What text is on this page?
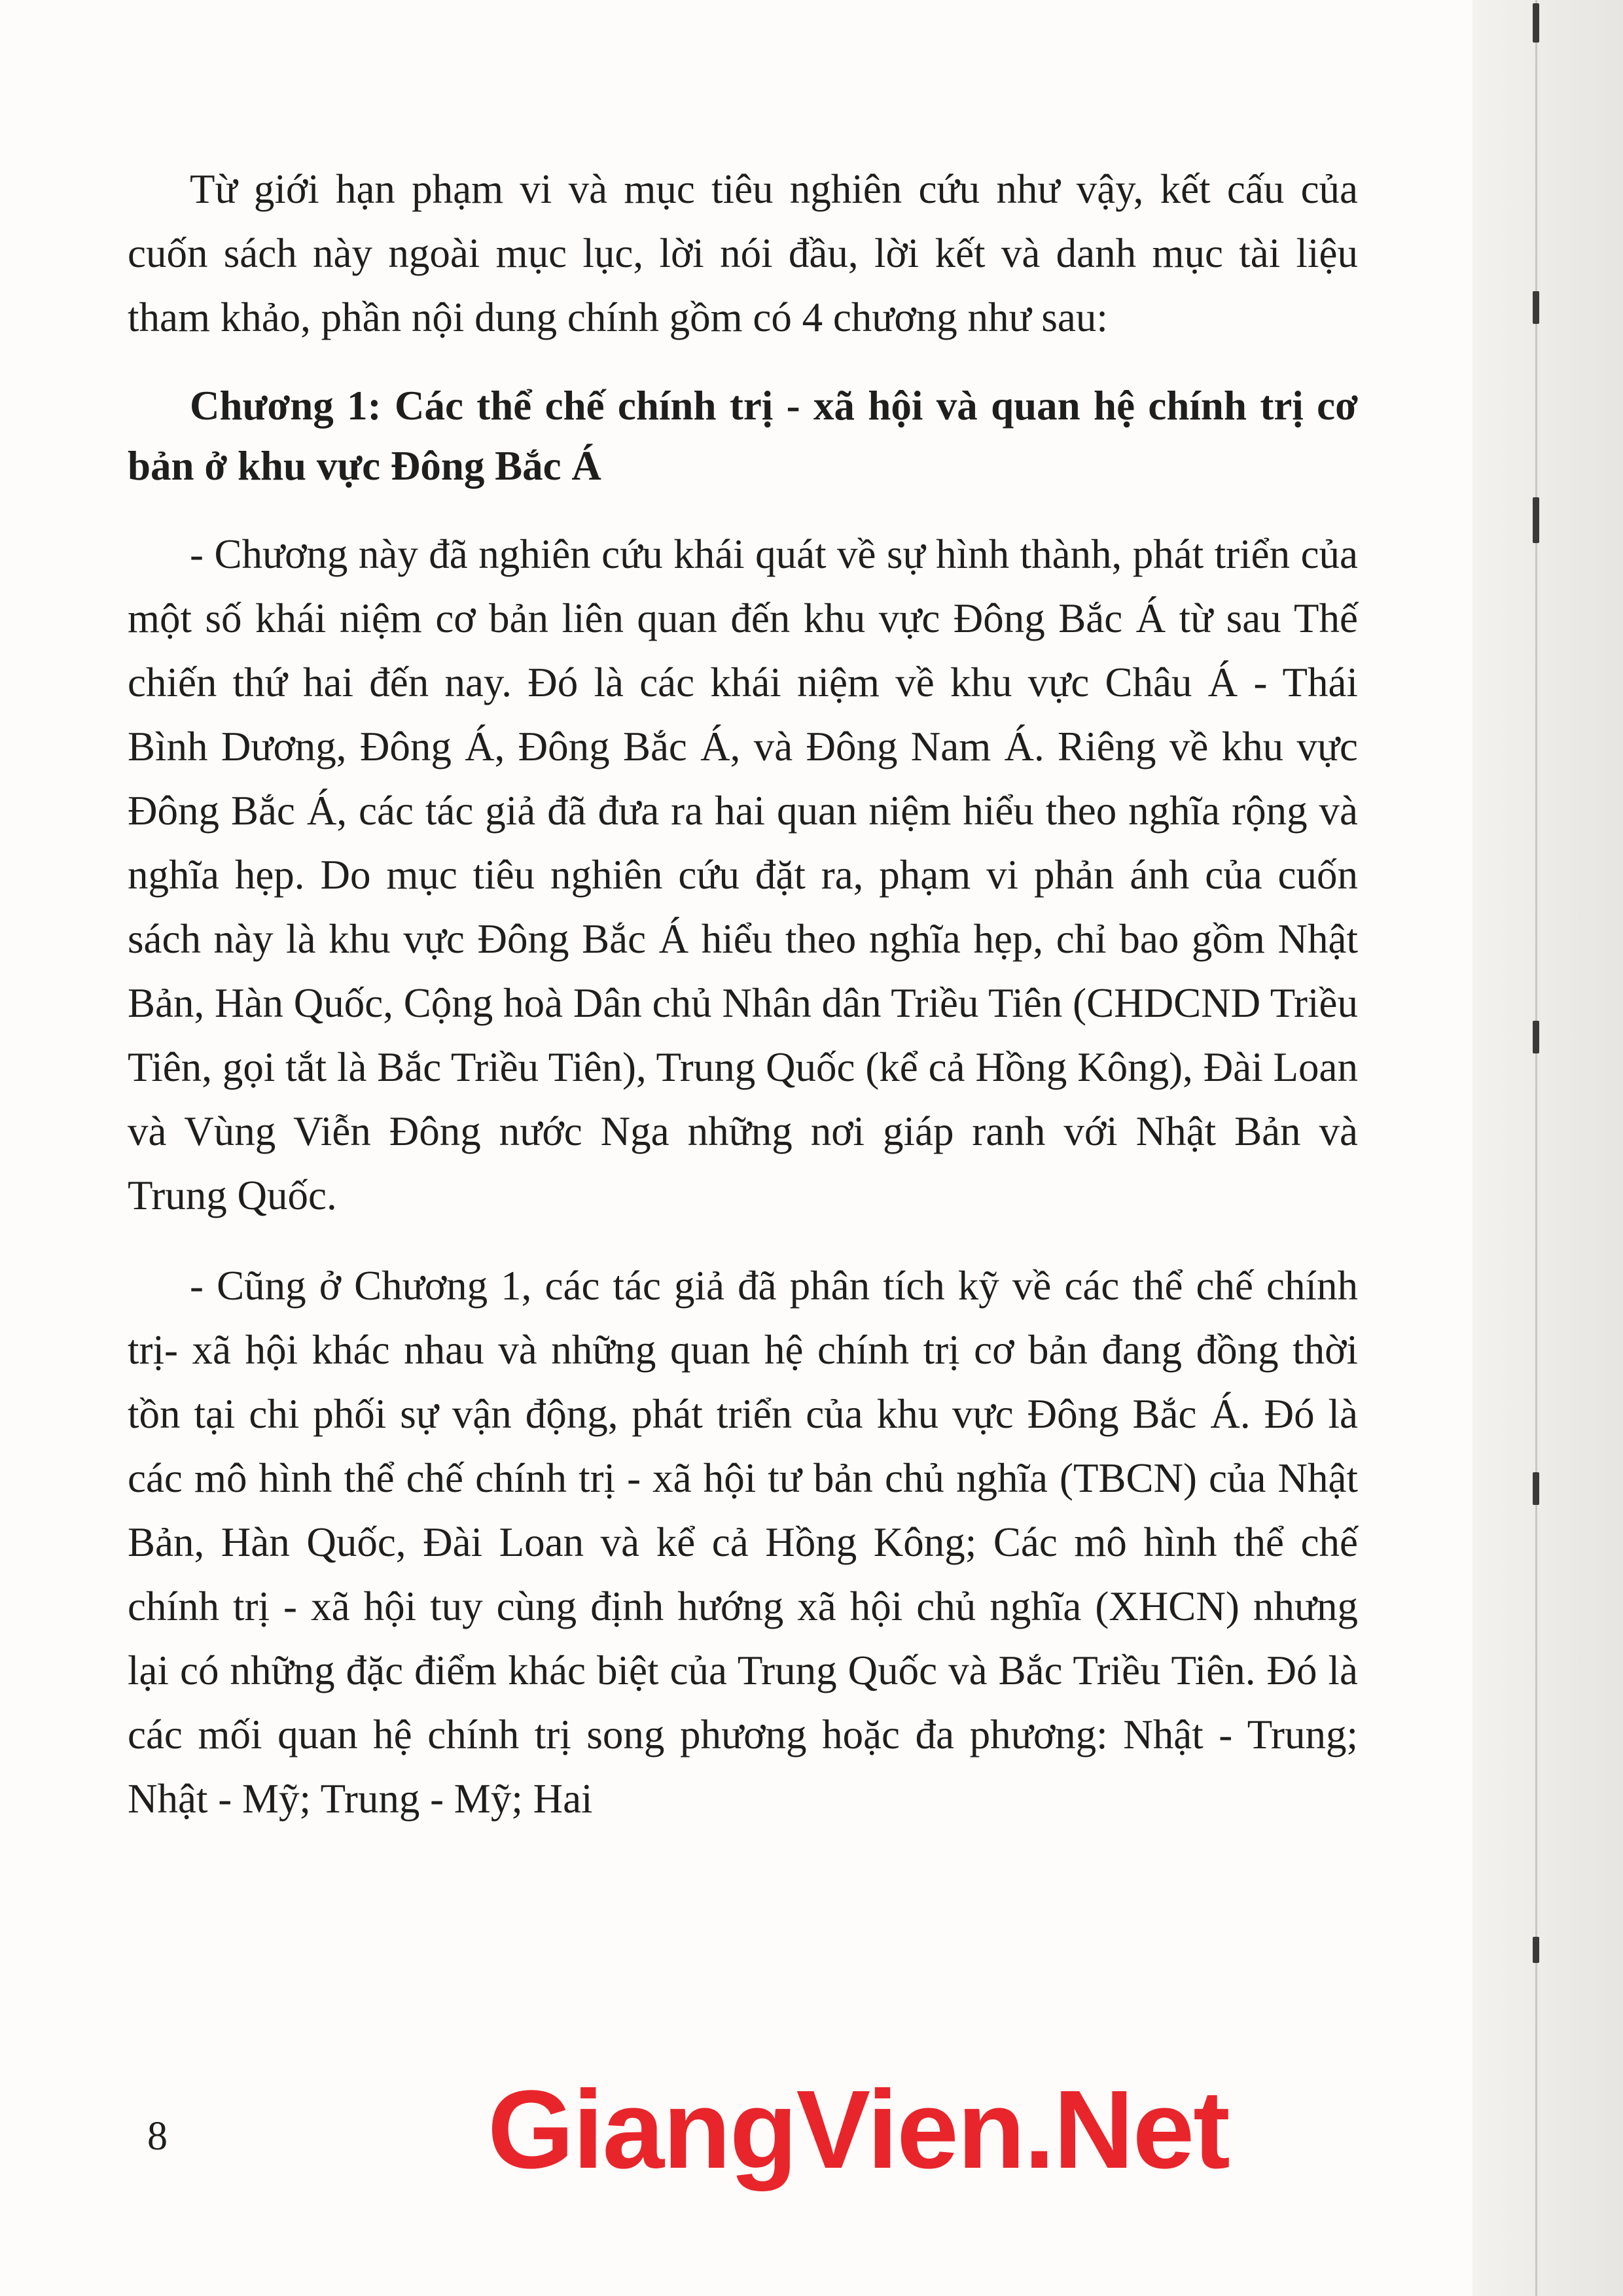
Từ giới hạn phạm vi và mục tiêu nghiên cứu như vậy, kết cấu của cuốn sách này ngoài mục lục, lời nói đầu, lời kết và danh mục tài liệu tham khảo, phần nội dung chính gồm có 4 chương như sau:

Chương 1: Các thể chế chính trị - xã hội và quan hệ chính trị cơ bản ở khu vực Đông Bắc Á

- Chương này đã nghiên cứu khái quát về sự hình thành, phát triển của một số khái niệm cơ bản liên quan đến khu vực Đông Bắc Á từ sau Thế chiến thứ hai đến nay. Đó là các khái niệm về khu vực Châu Á - Thái Bình Dương, Đông Á, Đông Bắc Á, và Đông Nam Á. Riêng về khu vực Đông Bắc Á, các tác giả đã đưa ra hai quan niệm hiểu theo nghĩa rộng và nghĩa hẹp. Do mục tiêu nghiên cứu đặt ra, phạm vi phản ánh của cuốn sách này là khu vực Đông Bắc Á hiểu theo nghĩa hẹp, chỉ bao gồm Nhật Bản, Hàn Quốc, Cộng hoà Dân chủ Nhân dân Triều Tiên (CHDCND Triều Tiên, gọi tắt là Bắc Triều Tiên), Trung Quốc (kể cả Hồng Kông), Đài Loan và Vùng Viễn Đông nước Nga những nơi giáp ranh với Nhật Bản và Trung Quốc.

- Cũng ở Chương 1, các tác giả đã phân tích kỹ về các thể chế chính trị- xã hội khác nhau và những quan hệ chính trị cơ bản đang đồng thời tồn tại chi phối sự vận động, phát triển của khu vực Đông Bắc Á. Đó là các mô hình thể chế chính trị - xã hội tư bản chủ nghĩa (TBCN) của Nhật Bản, Hàn Quốc, Đài Loan và kể cả Hồng Kông; Các mô hình thể chế chính trị - xã hội tuy cùng định hướng xã hội chủ nghĩa (XHCN) nhưng lại có những đặc điểm khác biệt của Trung Quốc và Bắc Triều Tiên. Đó là các mối quan hệ chính trị song phương hoặc đa phương: Nhật - Trung; Nhật - Mỹ; Trung - Mỹ; Hai

8	GiangVien.Net
